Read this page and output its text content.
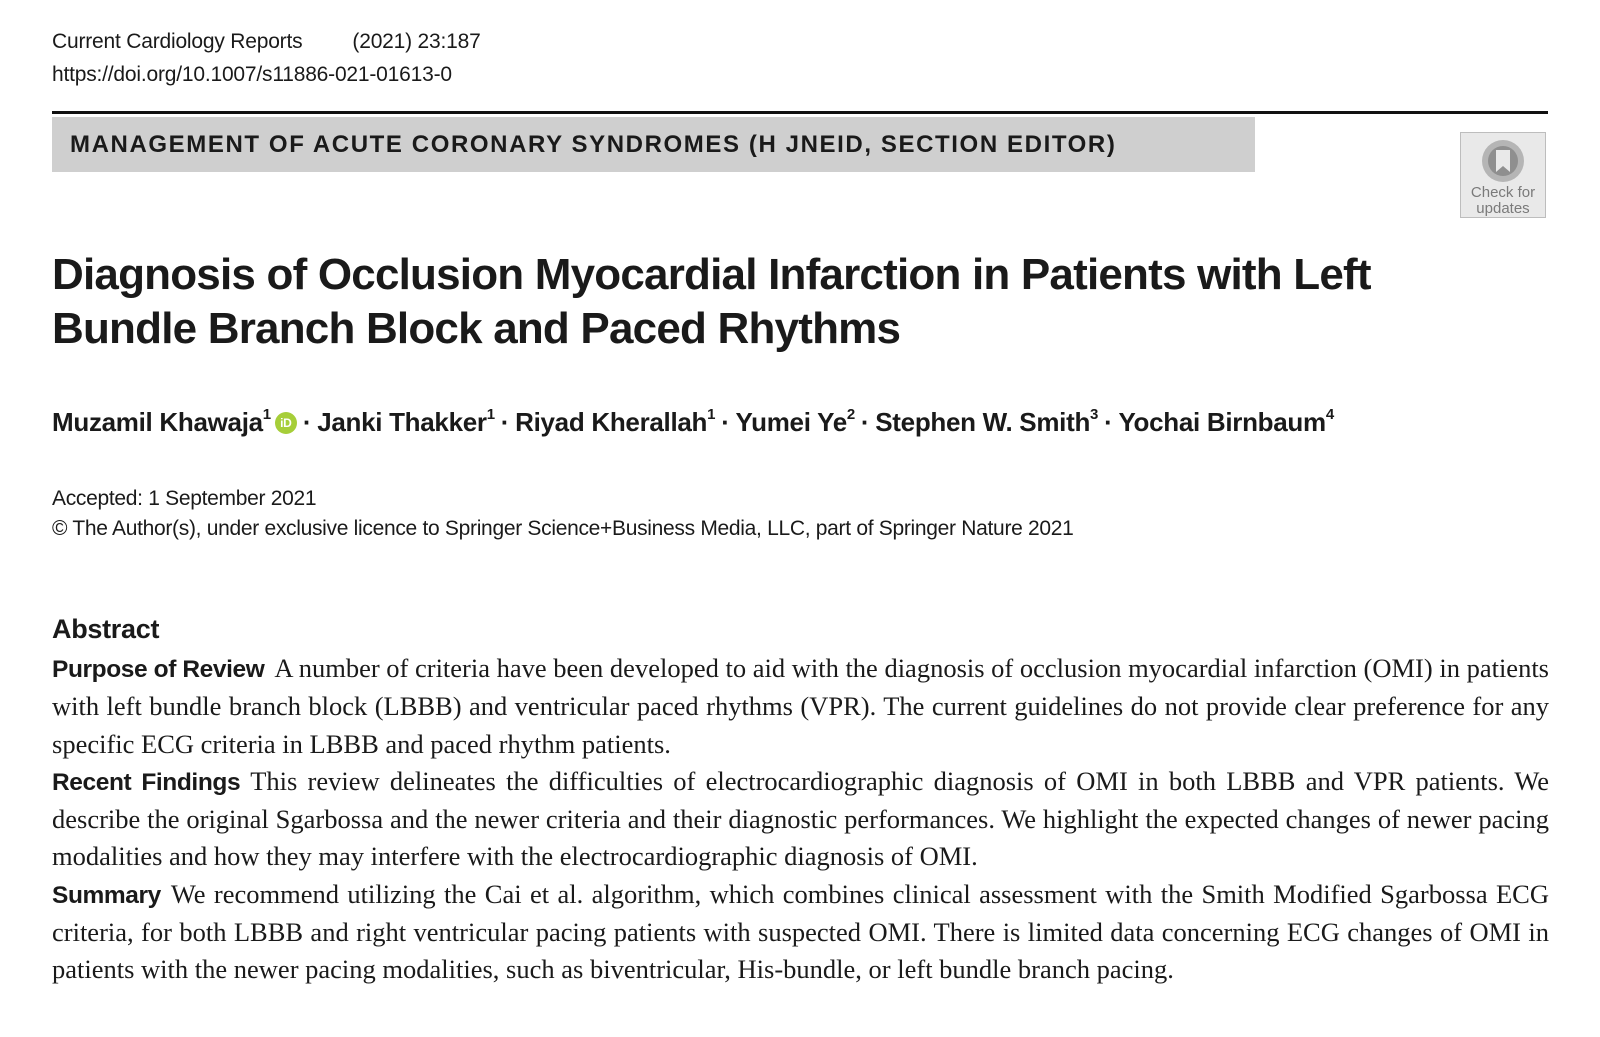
Current Cardiology Reports (2021) 23:187
https://doi.org/10.1007/s11886-021-01613-0
MANAGEMENT OF ACUTE CORONARY SYNDROMES (H JNEID, SECTION EDITOR)
Check for updates
Diagnosis of Occlusion Myocardial Infarction in Patients with Left Bundle Branch Block and Paced Rhythms
Muzamil Khawaja$^1$ iD · Janki Thakker$^1$ · Riyad Kherallah$^1$ · Yumei $Ye^2$ · Stephen W. Smith$^3$ · Yochai Birnbaum$^4$
Accepted: 1 September 2021
© The Author(s), under exclusive licence to Springer Science+Business Media, LLC, part of Springer Nature 2021
Abstract

Purpose of Review A number of criteria have been developed to aid with the diagnosis of occlusion myocardial infarction (OMI) in patients with left bundle branch block (LBBB) and ventricular paced rhythms (VPR). The current guidelines do not provide clear preference for any specific ECG criteria in LBBB and paced rhythm patients.

Recent Findings This review delineates the difficulties of electrocardiographic diagnosis of OMI in both LBBB and VPR patients. We describe the original Sgarbossa and the newer criteria and their diagnostic performances. We highlight the expected changes of newer pacing modalities and how they may interfere with the electrocardiographic diagnosis of OMI.

Summary We recommend utilizing the Cai et al. algorithm, which combines clinical assessment with the Smith Modified Sgarbossa ECG criteria, for both LBBB and right ventricular pacing patients with suspected OMI. There is limited data concerning ECG changes of OMI in patients with the newer pacing modalities, such as biventricular, His-bundle, or left bundle branch pacing.
